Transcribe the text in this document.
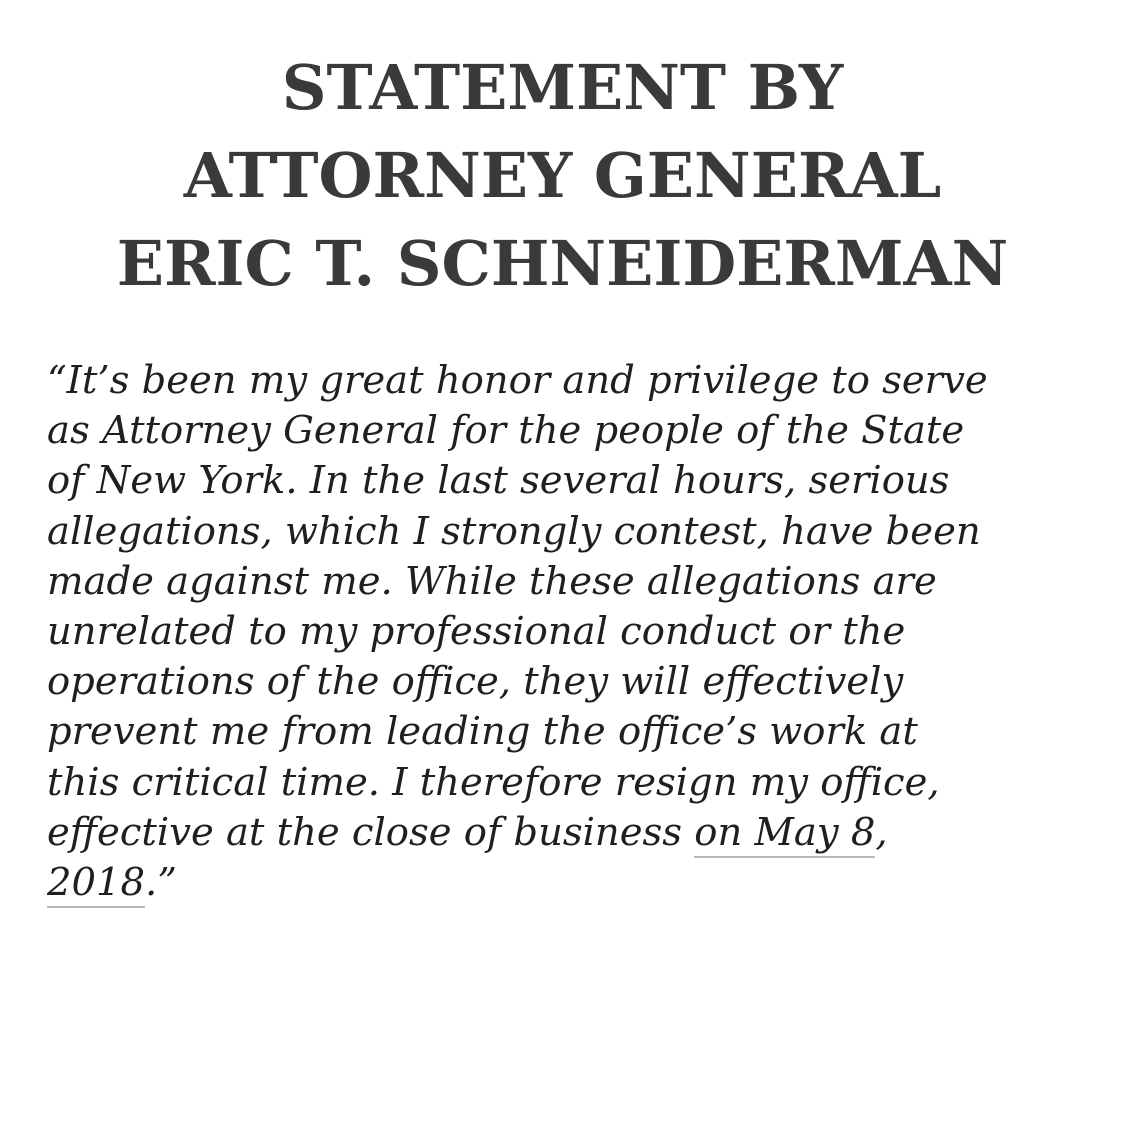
STATEMENT BY
ATTORNEY GENERAL
ERIC T. SCHNEIDERMAN
“It’s been my great honor and privilege to serve
as Attorney General for the people of the State
of New York. In the last several hours, serious
allegations, which I strongly contest, have been
made against me. While these allegations are
unrelated to my professional conduct or the
operations of the office, they will effectively
prevent me from leading the office’s work at
this critical time. I therefore resign my office,
effective at the close of business on May 8,
2018.”
